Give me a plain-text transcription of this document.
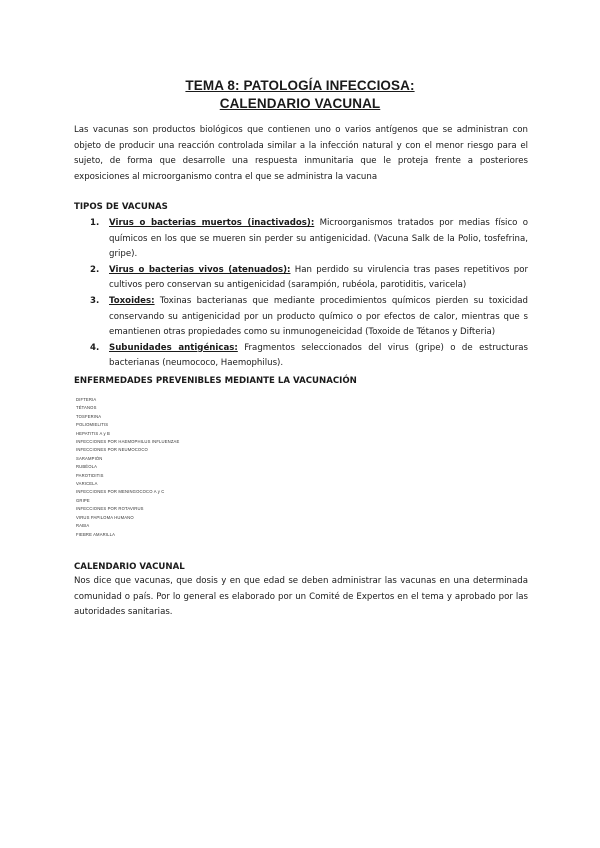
TEMA 8: PATOLOGÍA INFECCIOSA:
CALENDARIO VACUNAL
Las vacunas son productos biológicos que contienen uno o varios antígenos que se administran con objeto de producir una reacción controlada similar a la infección natural y con el menor riesgo para el sujeto, de forma que desarrolle una respuesta inmunitaria que le proteja frente a posteriores exposiciones al microorganismo contra el que se administra la vacuna
TIPOS DE VACUNAS
1. Virus o bacterias muertos (inactivados): Microorganismos tratados por medias físico o químicos en los que se mueren sin perder su antigenicidad. (Vacuna Salk de la Polio, tosfefrina, gripe).
2. Virus o bacterias vivos (atenuados): Han perdido su virulencia tras pases repetitivos por cultivos pero conservan su antigenicidad (sarampión, rubéola, parotiditis, varicela)
3. Toxoides: Toxinas bacterianas que mediante procedimientos químicos pierden su toxicidad conservando su antigenicidad por un producto químico o por efectos de calor, mientras que s emantienen otras propiedades como su inmunogeneicidad (Toxoide de Tétanos y Difteria)
4. Subunidades antigénicas: Fragmentos seleccionados del virus (gripe) o de estructuras bacterianas (neumococo, Haemophilus).
ENFERMEDADES PREVENIBLES MEDIANTE LA VACUNACIÓN
DIFTERIA
TÉTANOS
TOSFERINA
POLIOMIELITIS
HEPATITIS A y B
INFECCIONES POR HAEMOPHILUS INFLUENZAE
INFECCIONES POR NEUMOCOCO
SARAMPIÓN
RUBÉOLA
PAROTIDITIS
VARICELA
INFECCIONES POR MENINGOCOCO A y C
GRIPE
INFECCIONES POR ROTAVIRUS
VIRUS PAPILOMA HUMANO
RABIA
FIEBRE AMARILLA
CALENDARIO VACUNAL
Nos dice que vacunas, que dosis y en que edad se deben administrar las vacunas en una determinada comunidad o país. Por lo general es elaborado por un Comité de Expertos en el tema y aprobado por las autoridades sanitarias.
